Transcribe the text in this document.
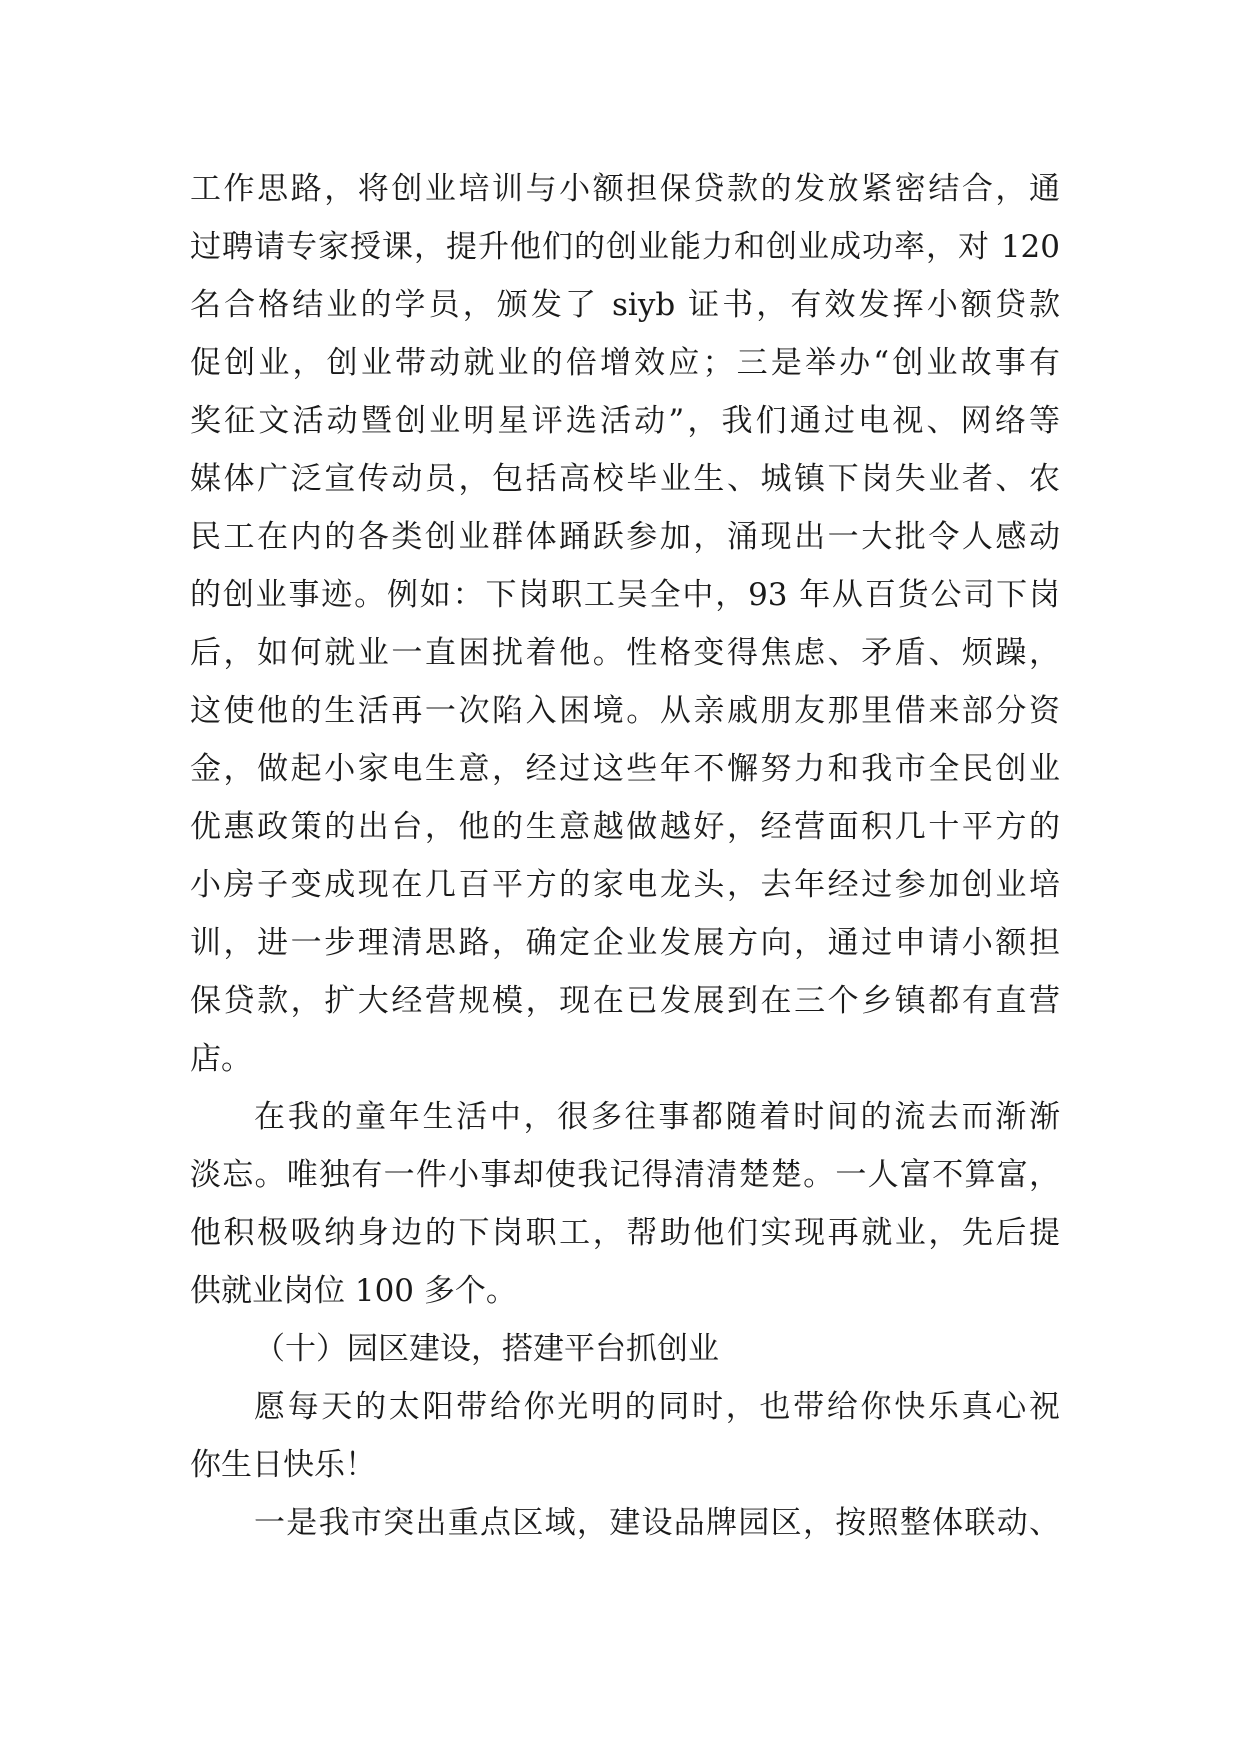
工作思路，将创业培训与小额担保贷款的发放紧密结合，通
过聘请专家授课，提升他们的创业能力和创业成功率，对 120
名合格结业的学员，颁发了 siyb 证书，有效发挥小额贷款
促创业，创业带动就业的倍增效应；三是举办“创业故事有
奖征文活动暨创业明星评选活动”，我们通过电视、网络等
媒体广泛宣传动员，包括高校毕业生、城镇下岗失业者、农
民工在内的各类创业群体踊跃参加，涌现出一大批令人感动
的创业事迹。例如：下岗职工吴全中，93 年从百货公司下岗
后，如何就业一直困扰着他。性格变得焦虑、矛盾、烦躁，
这使他的生活再一次陷入困境。从亲戚朋友那里借来部分资
金，做起小家电生意，经过这些年不懈努力和我市全民创业
优惠政策的出台，他的生意越做越好，经营面积几十平方的
小房子变成现在几百平方的家电龙头，去年经过参加创业培
训，进一步理清思路，确定企业发展方向，通过申请小额担
保贷款，扩大经营规模，现在已发展到在三个乡镇都有直营
店。
在我的童年生活中，很多往事都随着时间的流去而渐渐
淡忘。唯独有一件小事却使我记得清清楚楚。一人富不算富，
他积极吸纳身边的下岗职工，帮助他们实现再就业，先后提
供就业岗位 100 多个。
（十）园区建设，搭建平台抓创业
愿每天的太阳带给你光明的同时，也带给你快乐真心祝
你生日快乐！
一是我市突出重点区域，建设品牌园区，按照整体联动、
